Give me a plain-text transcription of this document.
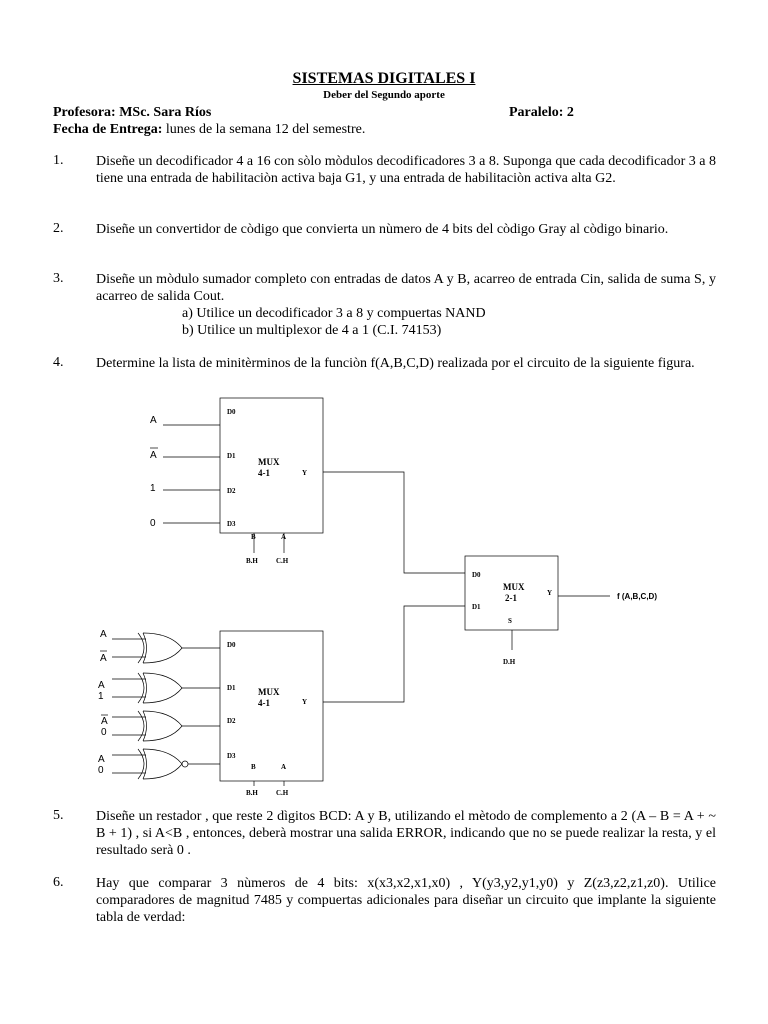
SISTEMAS DIGITALES I
Deber del Segundo aporte
Profesora: MSc. Sara Ríos	Paralelo: 2
Fecha de Entrega: lunes de la semana 12 del semestre.
1. Diseñe un decodificador 4 a 16 con sòlo mòdulos decodificadores 3 a 8. Suponga que cada decodificador 3 a 8 tiene una entrada de habilitaciòn activa baja G1, y una entrada de habilitaciòn activa alta G2.
2. Diseñe un convertidor de còdigo que convierta un nùmero de 4 bits del còdigo Gray al còdigo binario.
3. Diseñe un mòdulo sumador completo con entradas de datos A y B, acarreo de entrada Cin, salida de suma S, y acarreo de salida Cout.
a) Utilice un decodificador 3 a 8 y compuertas NAND
b) Utilice un multiplexor de 4 a 1 (C.I. 74153)
4. Determine la lista de minitèrminos de la funciòn f(A,B,C,D) realizada por el circuito de la siguiente figura.
A
A
1
0
D0
D1
D2
D3
MUX
4-1	Y
B	A
B.H	C.H
D0
D1
MUX
2-1	Y
S
D.H
f (A,B,C,D)
D0
D1
D2
D3
MUX
4-1	Y
B	A
B.H	C.H
A
A
A
1
A
0
A
0
5. Diseñe un restador , que reste 2 dìgitos BCD: A y B, utilizando el mètodo de complemento a 2 (A – B = A + ~ B + 1) , si A<B , entonces, deberà mostrar una salida ERROR, indicando que no se puede realizar la resta, y el resultado serà 0 .
6. Hay que comparar 3 nùmeros de 4 bits: x(x3,x2,x1,x0) , Y(y3,y2,y1,y0) y Z(z3,z2,z1,z0). Utilice comparadores de magnitud 7485 y compuertas adicionales para diseñar un circuito que implante la siguiente tabla de verdad:
